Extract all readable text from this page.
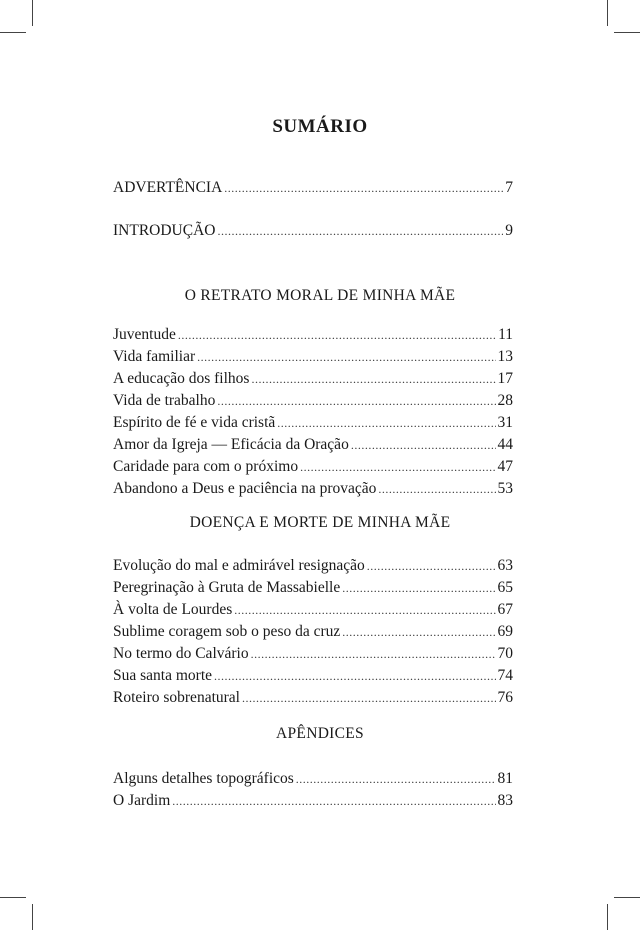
SUMÁRIO
ADVERTÊNCIA .....	7
INTRODUÇÃO .....	9
O RETRATO MORAL DE MINHA MÃE
Juventude .....	11
Vida familiar .....	13
A educação dos filhos .....	17
Vida de trabalho .....	28
Espírito de fé e vida cristã .....	31
Amor da Igreja — Eficácia da Oração .....	44
Caridade para com o próximo .....	47
Abandono a Deus e paciência na provação .....	53
DOENÇA E MORTE DE MINHA MÃE
Evolução do mal e admirável resignação .....	63
Peregrinação à Gruta de Massabielle .....	65
À volta de Lourdes .....	67
Sublime coragem sob o peso da cruz .....	69
No termo do Calvário .....	70
Sua santa morte .....	74
Roteiro sobrenatural .....	76
APÊNDICES
Alguns detalhes topográficos .....	81
O Jardim .....	83
